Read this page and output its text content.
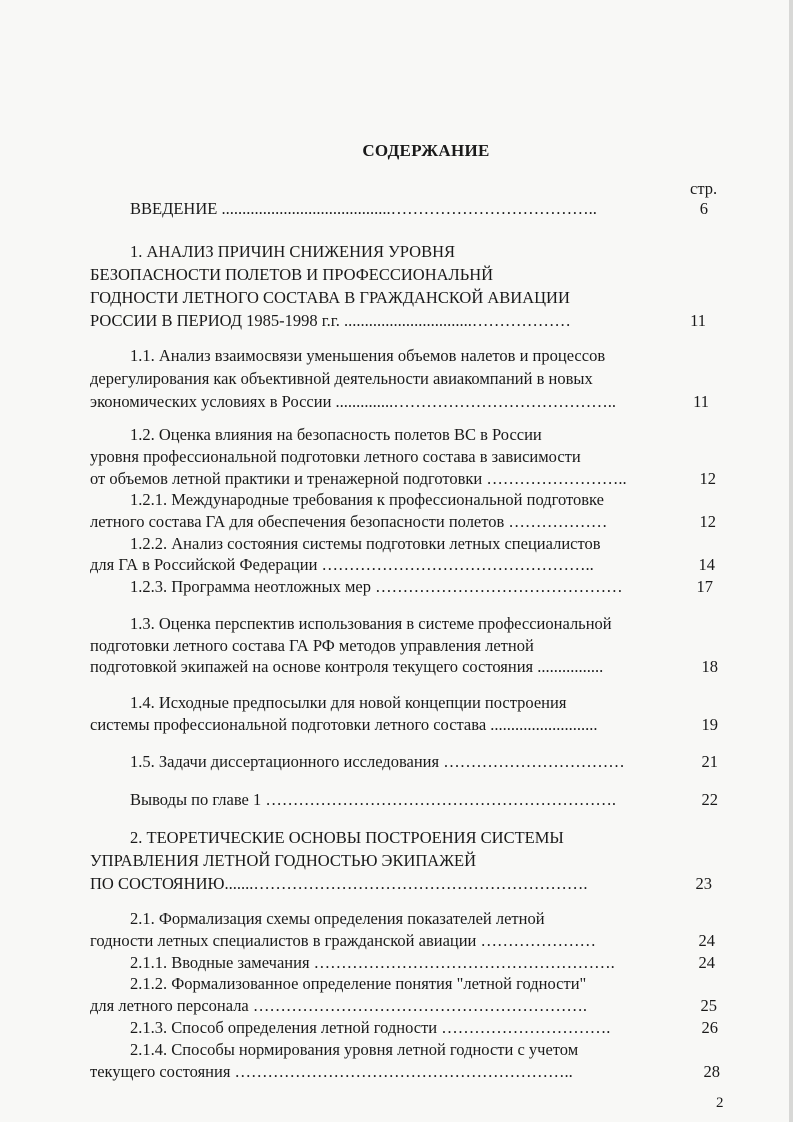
СОДЕРЖАНИЕ
стр.
ВВЕДЕНИЕ .........................................………………………………..	6
1. АНАЛИЗ ПРИЧИН СНИЖЕНИЯ УРОВНЯ
БЕЗОПАСНОСТИ ПОЛЕТОВ И ПРОФЕССИОНАЛЬНЙ
ГОДНОСТИ ЛЕТНОГО СОСТАВА В ГРАЖДАНСКОЙ АВИАЦИИ
РОССИИ В ПЕРИОД 1985-1998 г.г. ...............................………………	11
1.1. Анализ взаимосвязи уменьшения объемов налетов и процессов
дерегулирования как объективной деятельности авиакомпаний в новых
экономических условиях в России ..............…………………………………..	11
1.2. Оценка влияния на безопасность полетов ВС в России
уровня профессиональной подготовки летного состава в зависимости
от объемов летной практики и тренажерной подготовки ……………………..	12
1.2.1. Международные требования к профессиональной подготовке
летного состава ГА для обеспечения безопасности полетов ………………	12
1.2.2. Анализ состояния системы подготовки летных специалистов
для ГА в Российской Федерации …………………………………………..	14
1.2.3. Программа неотложных мер ………………………………………	17
1.3. Оценка перспектив использования в системе профессиональной
подготовки летного состава ГА РФ методов управления летной
подготовкой экипажей на основе контроля текущего состояния ................	18
1.4. Исходные предпосылки для новой концепции построения
системы профессиональной подготовки летного состава ..........................	19
1.5. Задачи диссертационного исследования ……………………………	21
Выводы по главе 1 ……………………………………………………….	22
2. ТЕОРЕТИЧЕСКИЕ ОСНОВЫ ПОСТРОЕНИЯ СИСТЕМЫ
УПРАВЛЕНИЯ ЛЕТНОЙ ГОДНОСТЬЮ ЭКИПАЖЕЙ
ПО СОСТОЯНИЮ.......…………………………………………………….	23
2.1. Формализация схемы определения показателей летной
годности летных специалистов в гражданской авиации …………………	24
2.1.1. Вводные замечания ……………………………………………….	24
2.1.2. Формализованное определение понятия "летной годности"
для летного персонала …………………………………………………….	25
2.1.3. Способ определения летной годности ………………………….	26
2.1.4. Способы нормирования уровня летной годности с учетом
текущего состояния ……………………………………………………..	28
2
